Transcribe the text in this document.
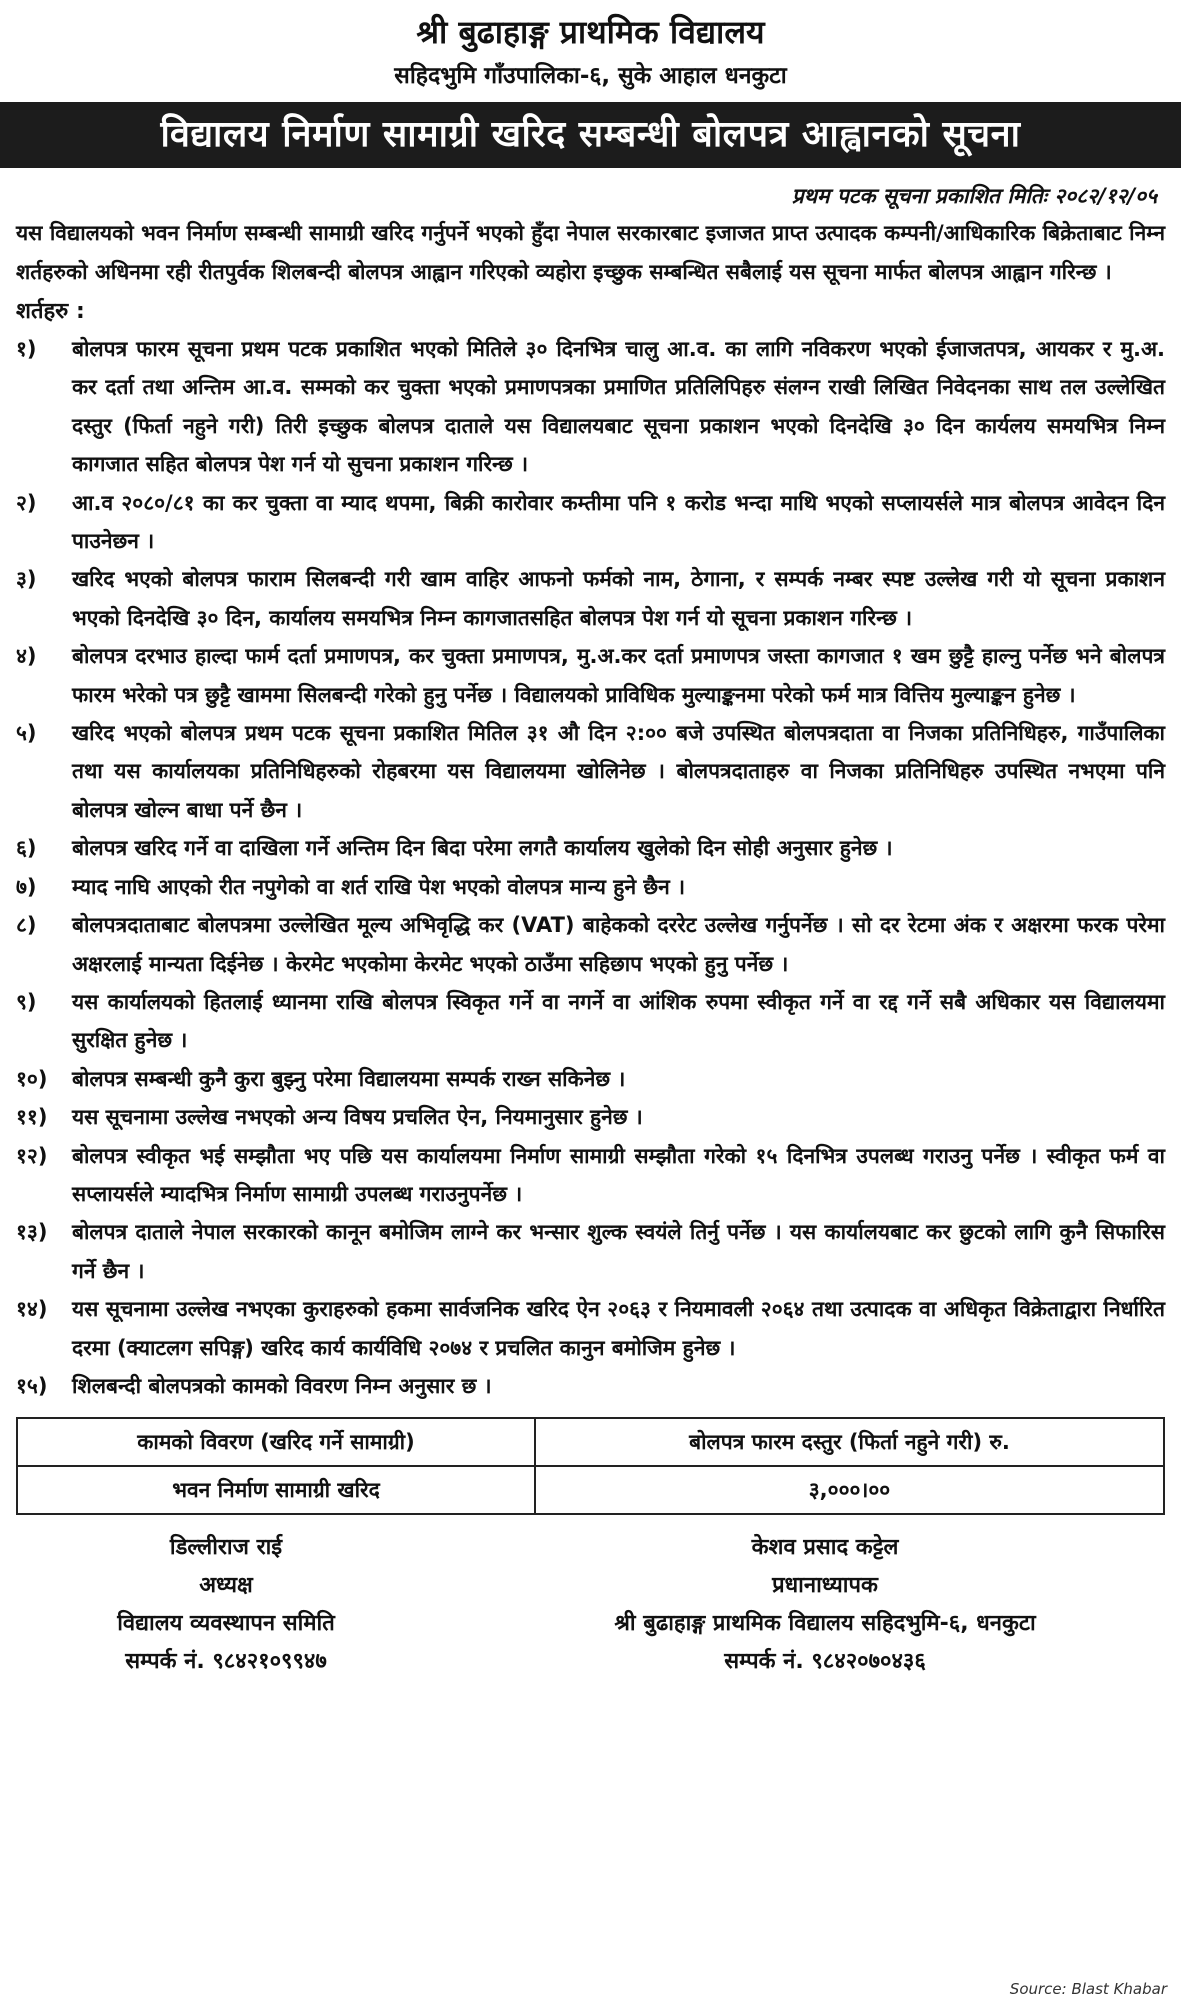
श्री बुढाहाङ्ग प्राथमिक विद्यालय
सहिदभुमि गाँउपालिका-६, सुके आहाल धनकुटा
विद्यालय निर्माण सामाग्री खरिद सम्बन्धी बोलपत्र आह्वानको सूचना
प्रथम पटक सूचना प्रकाशित मितिः २०८२/१२/०५
यस विद्यालयको भवन निर्माण सम्बन्धी सामाग्री खरिद गर्नुपर्ने भएको हुँदा नेपाल सरकारबाट इजाजत प्राप्त उत्पादक कम्पनी/आधिकारिक बिक्रेताबाट निम्न शर्तहरुको अधिनमा रही रीतपुर्वक शिलबन्दी बोलपत्र आह्वान गरिएको व्यहोरा इच्छुक सम्बन्धित सबैलाई यस सूचना मार्फत बोलपत्र आह्वान गरिन्छ ।
शर्तहरु :
१)	बोलपत्र फारम सूचना प्रथम पटक प्रकाशित भएको मितिले ३० दिनभित्र चालु आ.व. का लागि नविकरण भएको ईजाजतपत्र, आयकर र मु.अ. कर दर्ता तथा अन्तिम आ.व. सम्मको कर चुक्ता भएको प्रमाणपत्रका प्रमाणित प्रतिलिपिहरु संलग्न राखी लिखित निवेदनका साथ तल उल्लेखित दस्तुर (फिर्ता नहुने गरी) तिरी इच्छुक बोलपत्र दाताले यस विद्यालयबाट सूचना प्रकाशन भएको दिनदेखि ३० दिन कार्यलय समयभित्र निम्न कागजात सहित बोलपत्र पेश गर्न यो सुचना प्रकाशन गरिन्छ ।
२)	आ.व २०८०/८१ का कर चुक्ता वा म्याद थपमा, बिक्री कारोवार कम्तीमा पनि १ करोड भन्दा माथि भएको सप्लायर्सले मात्र बोलपत्र आवेदन दिन पाउनेछन ।
३)	खरिद भएको बोलपत्र फाराम सिलबन्दी गरी खाम वाहिर आफनो फर्मको नाम, ठेगाना, र सम्पर्क नम्बर स्पष्ट उल्लेख गरी यो सूचना प्रकाशन भएको दिनदेखि ३० दिन, कार्यालय समयभित्र निम्न कागजातसहित बोलपत्र पेश गर्न यो सूचना प्रकाशन गरिन्छ ।
४)	बोलपत्र दरभाउ हाल्दा फार्म दर्ता प्रमाणपत्र, कर चुक्ता प्रमाणपत्र, मु.अ.कर दर्ता प्रमाणपत्र जस्ता कागजात १ खम छुट्टै हाल्नु पर्नेछ भने बोलपत्र फारम भरेको पत्र छुट्टै खाममा सिलबन्दी गरेको हुनु पर्नेछ । विद्यालयको प्राविधिक मुल्याङ्कनमा परेको फर्म मात्र वित्तिय मुल्याङ्कन हुनेछ ।
५)	खरिद भएको बोलपत्र प्रथम पटक सूचना प्रकाशित मितिल ३१ औ दिन २:०० बजे उपस्थित बोलपत्रदाता वा निजका प्रतिनिधिहरु, गाउँपालिका तथा यस कार्यालयका प्रतिनिधिहरुको रोहबरमा यस विद्यालयमा खोलिनेछ । बोलपत्रदाताहरु वा निजका प्रतिनिधिहरु उपस्थित नभएमा पनि बोलपत्र खोल्न बाधा पर्ने छैन ।
६)	बोलपत्र खरिद गर्ने वा दाखिला गर्ने अन्तिम दिन बिदा परेमा लगतै कार्यालय खुलेको दिन सोही अनुसार हुनेछ ।
७)	म्याद नाघि आएको रीत नपुगेको वा शर्त राखि पेश भएको वोलपत्र मान्य हुने छैन ।
८)	बोलपत्रदाताबाट बोलपत्रमा उल्लेखित मूल्य अभिवृद्धि कर (VAT) बाहेकको दररेट उल्लेख गर्नुपर्नेछ । सो दर रेटमा अंक र अक्षरमा फरक परेमा अक्षरलाई मान्यता दिईनेछ । केरमेट भएकोमा केरमेट भएको ठाउँमा सहिछाप भएको हुनु पर्नेछ ।
९)	यस कार्यालयको हितलाई ध्यानमा राखि बोलपत्र स्विकृत गर्ने वा नगर्ने वा आंशिक रुपमा स्वीकृत गर्ने वा रद्द गर्ने सबै अधिकार यस विद्यालयमा सुरक्षित हुनेछ ।
१०)	बोलपत्र सम्बन्धी कुनै कुरा बुझ्नु परेमा विद्यालयमा सम्पर्क राख्न सकिनेछ ।
११)	यस सूचनामा उल्लेख नभएको अन्य विषय प्रचलित ऐन, नियमानुसार हुनेछ ।
१२)	बोलपत्र स्वीकृत भई सम्झौता भए पछि यस कार्यालयमा निर्माण सामाग्री सम्झौता गरेको १५ दिनभित्र उपलब्ध गराउनु पर्नेछ । स्वीकृत फर्म वा सप्लायर्सले म्यादभित्र निर्माण सामाग्री उपलब्ध गराउनुपर्नेछ ।
१३)	बोलपत्र दाताले नेपाल सरकारको कानून बमोजिम लाग्ने कर भन्सार शुल्क स्वयंले तिर्नु पर्नेछ । यस कार्यालयबाट कर छुटको लागि कुनै सिफारिस गर्ने छैन ।
१४)	यस सूचनामा उल्लेख नभएका कुराहरुको हकमा सार्वजनिक खरिद ऐन २०६३ र नियमावली २०६४ तथा उत्पादक वा अधिकृत विक्रेताद्वारा निर्धारित दरमा (क्याटलग सपिङ्ग) खरिद कार्य कार्यविधि २०७४ र प्रचलित कानुन बमोजिम हुनेछ ।
१५)	शिलबन्दी बोलपत्रको कामको विवरण निम्न अनुसार छ ।
कामको विवरण (खरिद गर्ने सामाग्री)	बोलपत्र फारम दस्तुर (फिर्ता नहुने गरी) रु.
भवन निर्माण सामाग्री खरिद	३,०००।००
डिल्लीराज राई
अध्यक्ष
विद्यालय व्यवस्थापन समिति
सम्पर्क नं. ९८४२१०९९४७
केशव प्रसाद कट्टेल
प्रधानाध्यापक
श्री बुढाहाङ्ग प्राथमिक विद्यालय सहिदभुमि-६, धनकुटा
सम्पर्क नं. ९८४२०७०४३६
Source: Blast Khabar
